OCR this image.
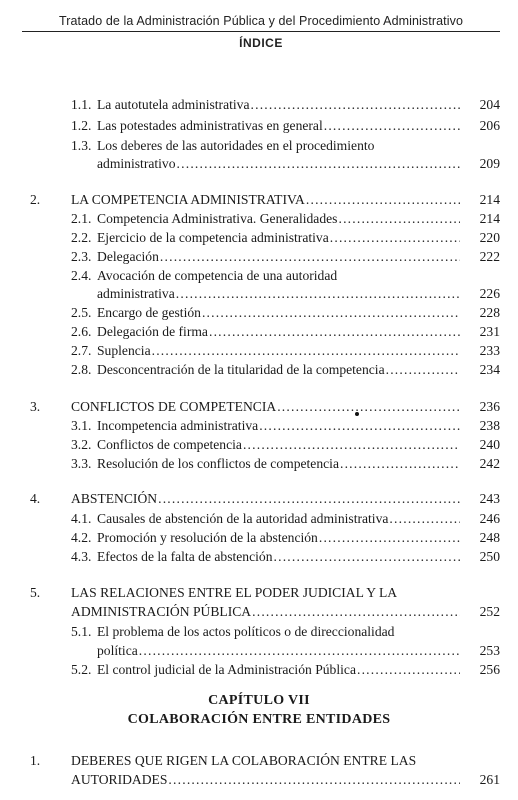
Tratado de la Administración Pública y del Procedimiento Administrativo
ÍNDICE
1.1. La autotutela administrativa .....	204
1.2. Las potestades administrativas en general .....	206
1.3. Los deberes de las autoridades en el procedimiento
administrativo .....	209
2. LA COMPETENCIA ADMINISTRATIVA .....	214
2.1. Competencia Administrativa. Generalidades .....	214
2.2. Ejercicio de la competencia administrativa .....	220
2.3. Delegación .....	222
2.4. Avocación de competencia de una autoridad
administrativa .....	226
2.5. Encargo de gestión .....	228
2.6. Delegación de firma .....	231
2.7. Suplencia .....	233
2.8. Desconcentración de la titularidad de la competencia .....	234
3. CONFLICTOS DE COMPETENCIA .....	236
3.1. Incompetencia administrativa .....	238
3.2. Conflictos de competencia .....	240
3.3. Resolución de los conflictos de competencia .....	242
4. ABSTENCIÓN .....	243
4.1. Causales de abstención de la autoridad administrativa .....	246
4.2. Promoción y resolución de la abstención .....	248
4.3. Efectos de la falta de abstención .....	250
5. LAS RELACIONES ENTRE EL PODER JUDICIAL Y LA
ADMINISTRACIÓN PÚBLICA .....	252
5.1. El problema de los actos políticos o de direccionalidad
política .....	253
5.2. El control judicial de la Administración Pública .....	256
CAPÍTULO VII
COLABORACIÓN ENTRE ENTIDADES
1. DEBERES QUE RIGEN LA COLABORACIÓN ENTRE LAS
AUTORIDADES .....	261
